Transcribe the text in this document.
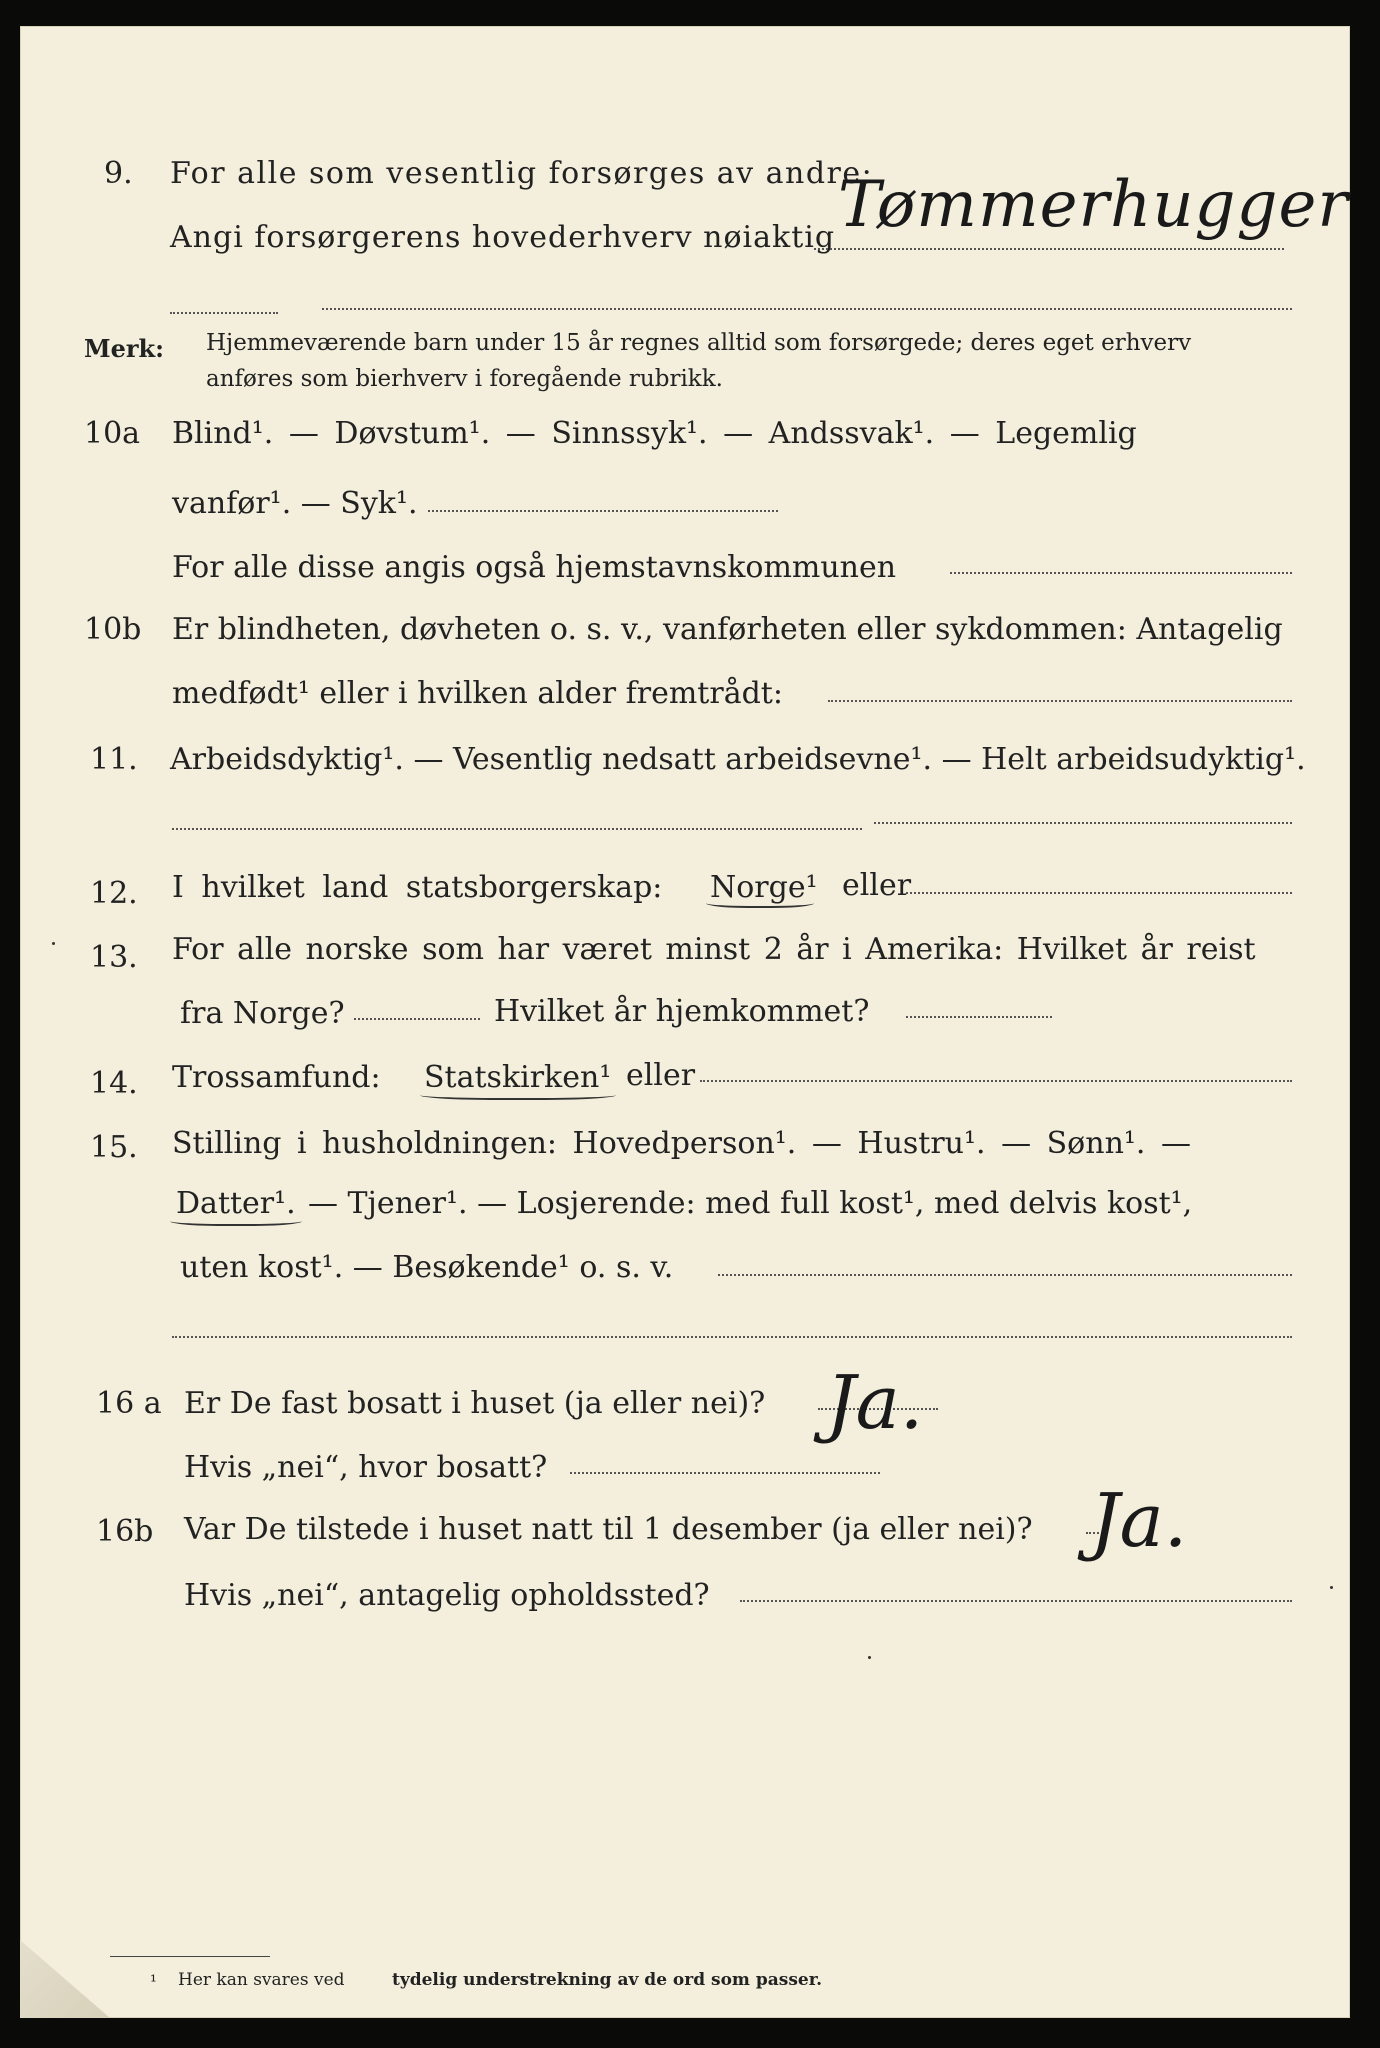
9. For alle som vesentlig forsørges av andre:
Angi forsørgerens hovederhverv nøiaktig Tømmerhugger
Merk: Hjemmeværende barn under 15 år regnes alltid som forsørgede; deres eget erhverv
anføres som bierhverv i foregående rubrikk.
10a Blind¹. — Døvstum¹. — Sinnssyk¹. — Andssvak¹. — Legemlig
vanfør¹. — Syk¹.
For alle disse angis også hjemstavnskommunen
10b Er blindheten, døvheten o. s. v., vanførheten eller sykdommen: Antagelig
medfødt¹ eller i hvilken alder fremtrådt:
11. Arbeidsdyktig¹. — Vesentlig nedsatt arbeidsevne¹. — Helt arbeidsudyktig¹.
12. I hvilket land statsborgerskap: Norge¹ eller
13. For alle norske som har været minst 2 år i Amerika: Hvilket år reist
fra Norge?	Hvilket år hjemkommet?
14. Trossamfund: Statskirken¹ eller
15. Stilling i husholdningen: Hovedperson¹. — Hustru¹. — Sønn¹. —
Datter¹. — Tjener¹. — Losjerende: med full kost¹, med delvis kost¹,
uten kost¹. — Besøkende¹ o. s. v.
16 a Er De fast bosatt i huset (ja eller nei)? Ja.
Hvis „nei“, hvor bosatt?
16b Var De tilstede i huset natt til 1 desember (ja eller nei)? Ja.
Hvis „nei“, antagelig opholdssted?
¹ Her kan svares ved	tydelig understrekning av de ord som passer.
